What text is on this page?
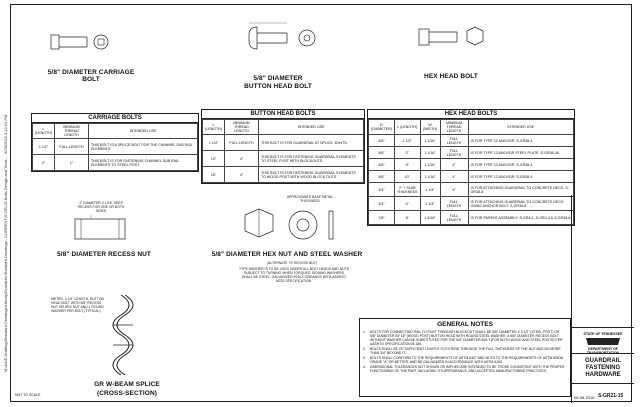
M:\A4\E-Drafting\Standard Drawings\Library\Guardrail Standard Drawings - CURRENT\S-GR-05 Bolts Design and Tools ... 9/26/2016 3:12:31 PM
5/8" DIAMETER CARRIAGE BOLT	5/8" DIAMETER
BUTTON HEAD BOLT
HEX HEAD BOLT
CARRIAGE BOLTS
L (LENGTH)	MINIMUM THREAD LENGTH	INTENDED USE
1 1/2"	FULL LENGTH	THIS BOLT IS A SPLICE BOLT FOR THE CHANNEL SUB RAIL ELEMENTS.
2"	1"	THIS BOLT IS FOR FASTENING CHANNEL SUB RAIL ELEMENTS TO STEEL POST.
BUTTON HEAD BOLTS
L (LENGTH)	MINIMUM THREAD LENGTH	INTENDED USE
1 1/4"	FULL LENGTH	THIS BOLT IS FOR GUARDRAIL AT SPLICE JOINTS.
10"	4"	THIS BOLT IS FOR FASTENING GUARDRAIL ELEMENTS TO STEEL POST WITH BLOCKOUTS.
18"	4"	THIS BOLT IS FOR FASTENING GUARDRAIL ELEMENTS TO WOOD POST WITH WOOD BLOCK OUTS.
HEX HEAD BOLTS
D (DIAMETER)	L (LENGTH)	W (WIDTH)	MINIMUM THREAD LENGTH	INTENDED USE
5/8"	1 1/2"	1 1/16"	FULL LENGTH	IS FOR TYPE 12 ANCHOR: S-GR38-4
5/8"	2"	1 1/16"	FULL LENGTH	IS FOR TYPE 13 ANCHOR STEEL PLATE: S-GR38-4A
5/8"	9"	1 1/16"	4"	IS FOR TYPE 13 ANCHOR: S-GR38-4
5/8"	10"	1 1/16"	4"	IS FOR TYPE 12 ANCHOR: S-GR38-4
3/4"	2" + SLAB THICKNESS	1 1/4"	4"	IS FOR ATTACHING GUARDRAIL TO CONCRETE DECK: S-GR38-8
3/4"	4"	1 1/4"	FULL LENGTH	IS FOR ATTACHING GUARDRAIL TO CONCRETE DECK USING ANCHOR BOLT: S-GR38-8
7/8"	8"	1 5/16"	FULL LENGTH	IS FOR PARENT ASSEMBLY: S-GR4-1, S-GR4-4 & S-GR38-6
1" DIAMETER X 1/16" DEEP RECESS FOR ONE OR BOTH SIDES
5/8" DIAMETER RECESS NUT
APPROXIMATE BASE METAL THICKNESS
5/8" DIAMETER HEX NUT AND STEEL WASHER
(ALTERNATE TO RECESS NUT)
TYPE WASHER IS TO BE USED UNDER ALL BOLT HEADS AND NUTS SUBJECT TO TURNING WHEN TORQUED. BEVAND WASHERS SHALL BE STEEL, GALVANIZED IN ACCORDANCE WITH AASHTO M232 SPECIFICATION.
METER, 4 1/4" LENGTH, BUTTON HEAD BOLT WITH 5/8" RECESS NUT OR HEX NUT AND 1 ROUND WASHER PER BOLT (TYPICAL)
GR W-BEAM SPLICE
(CROSS-SECTION)
GENERAL NOTES
1. BOLTS FOR CONNECTING RAIL TO POST THROUGH BLOCKOUT SHALL BE 5/8" DIAMETER X 9 1/2" (STEEL POST) OR 5/8" DIAMETER BY 18" (WOOD POST) BUTTON HEAD WITH ROUND STEEL WASHER. A 5/8" DIAMETER RECESS BOLT WITHOUT WASHER CAN BE SUBSTITUTED FOR THE 5/8" DIAMETER BOLT (FOR BOTH WOOD AND STEEL POSTS) PER AASHTO SPECIFICATION M-180.
2. BOLTS SHALL BE OF SUFFICIENT LENGTH TO EXTEND THROUGH THE FULL THICKNESS OF THE NUT AND NO MORE THAN 3/4" BEYOND IT.
3. BOLTS SHALL CONFORM TO THE REQUIREMENTS OF ASTM A307 AND NUTS TO THE REQUIREMENTS OF ASTM A563A GRADE "A" OR BETTER, AND BE GALVANIZED IN ACCORDANCE WITH ASTM A153.
4. DIMENSIONAL TOLERANCES NOT SHOWN OR IMPLIED ARE INTENDED TO BE THOSE CONSISTENT WITH THE PROPER FUNCTIONING OF THE PART, INCLUDING ITS APPEARANCE, AND ACCEPTED MANUFACTURING PRACTICES.
STATE OF TENNESSEE
DEPARTMENT OF TRANSPORTATION
GUARDRAIL
FASTENING
HARDWARE
06-08-2016 S-GR21-15
NOT TO SCALE
